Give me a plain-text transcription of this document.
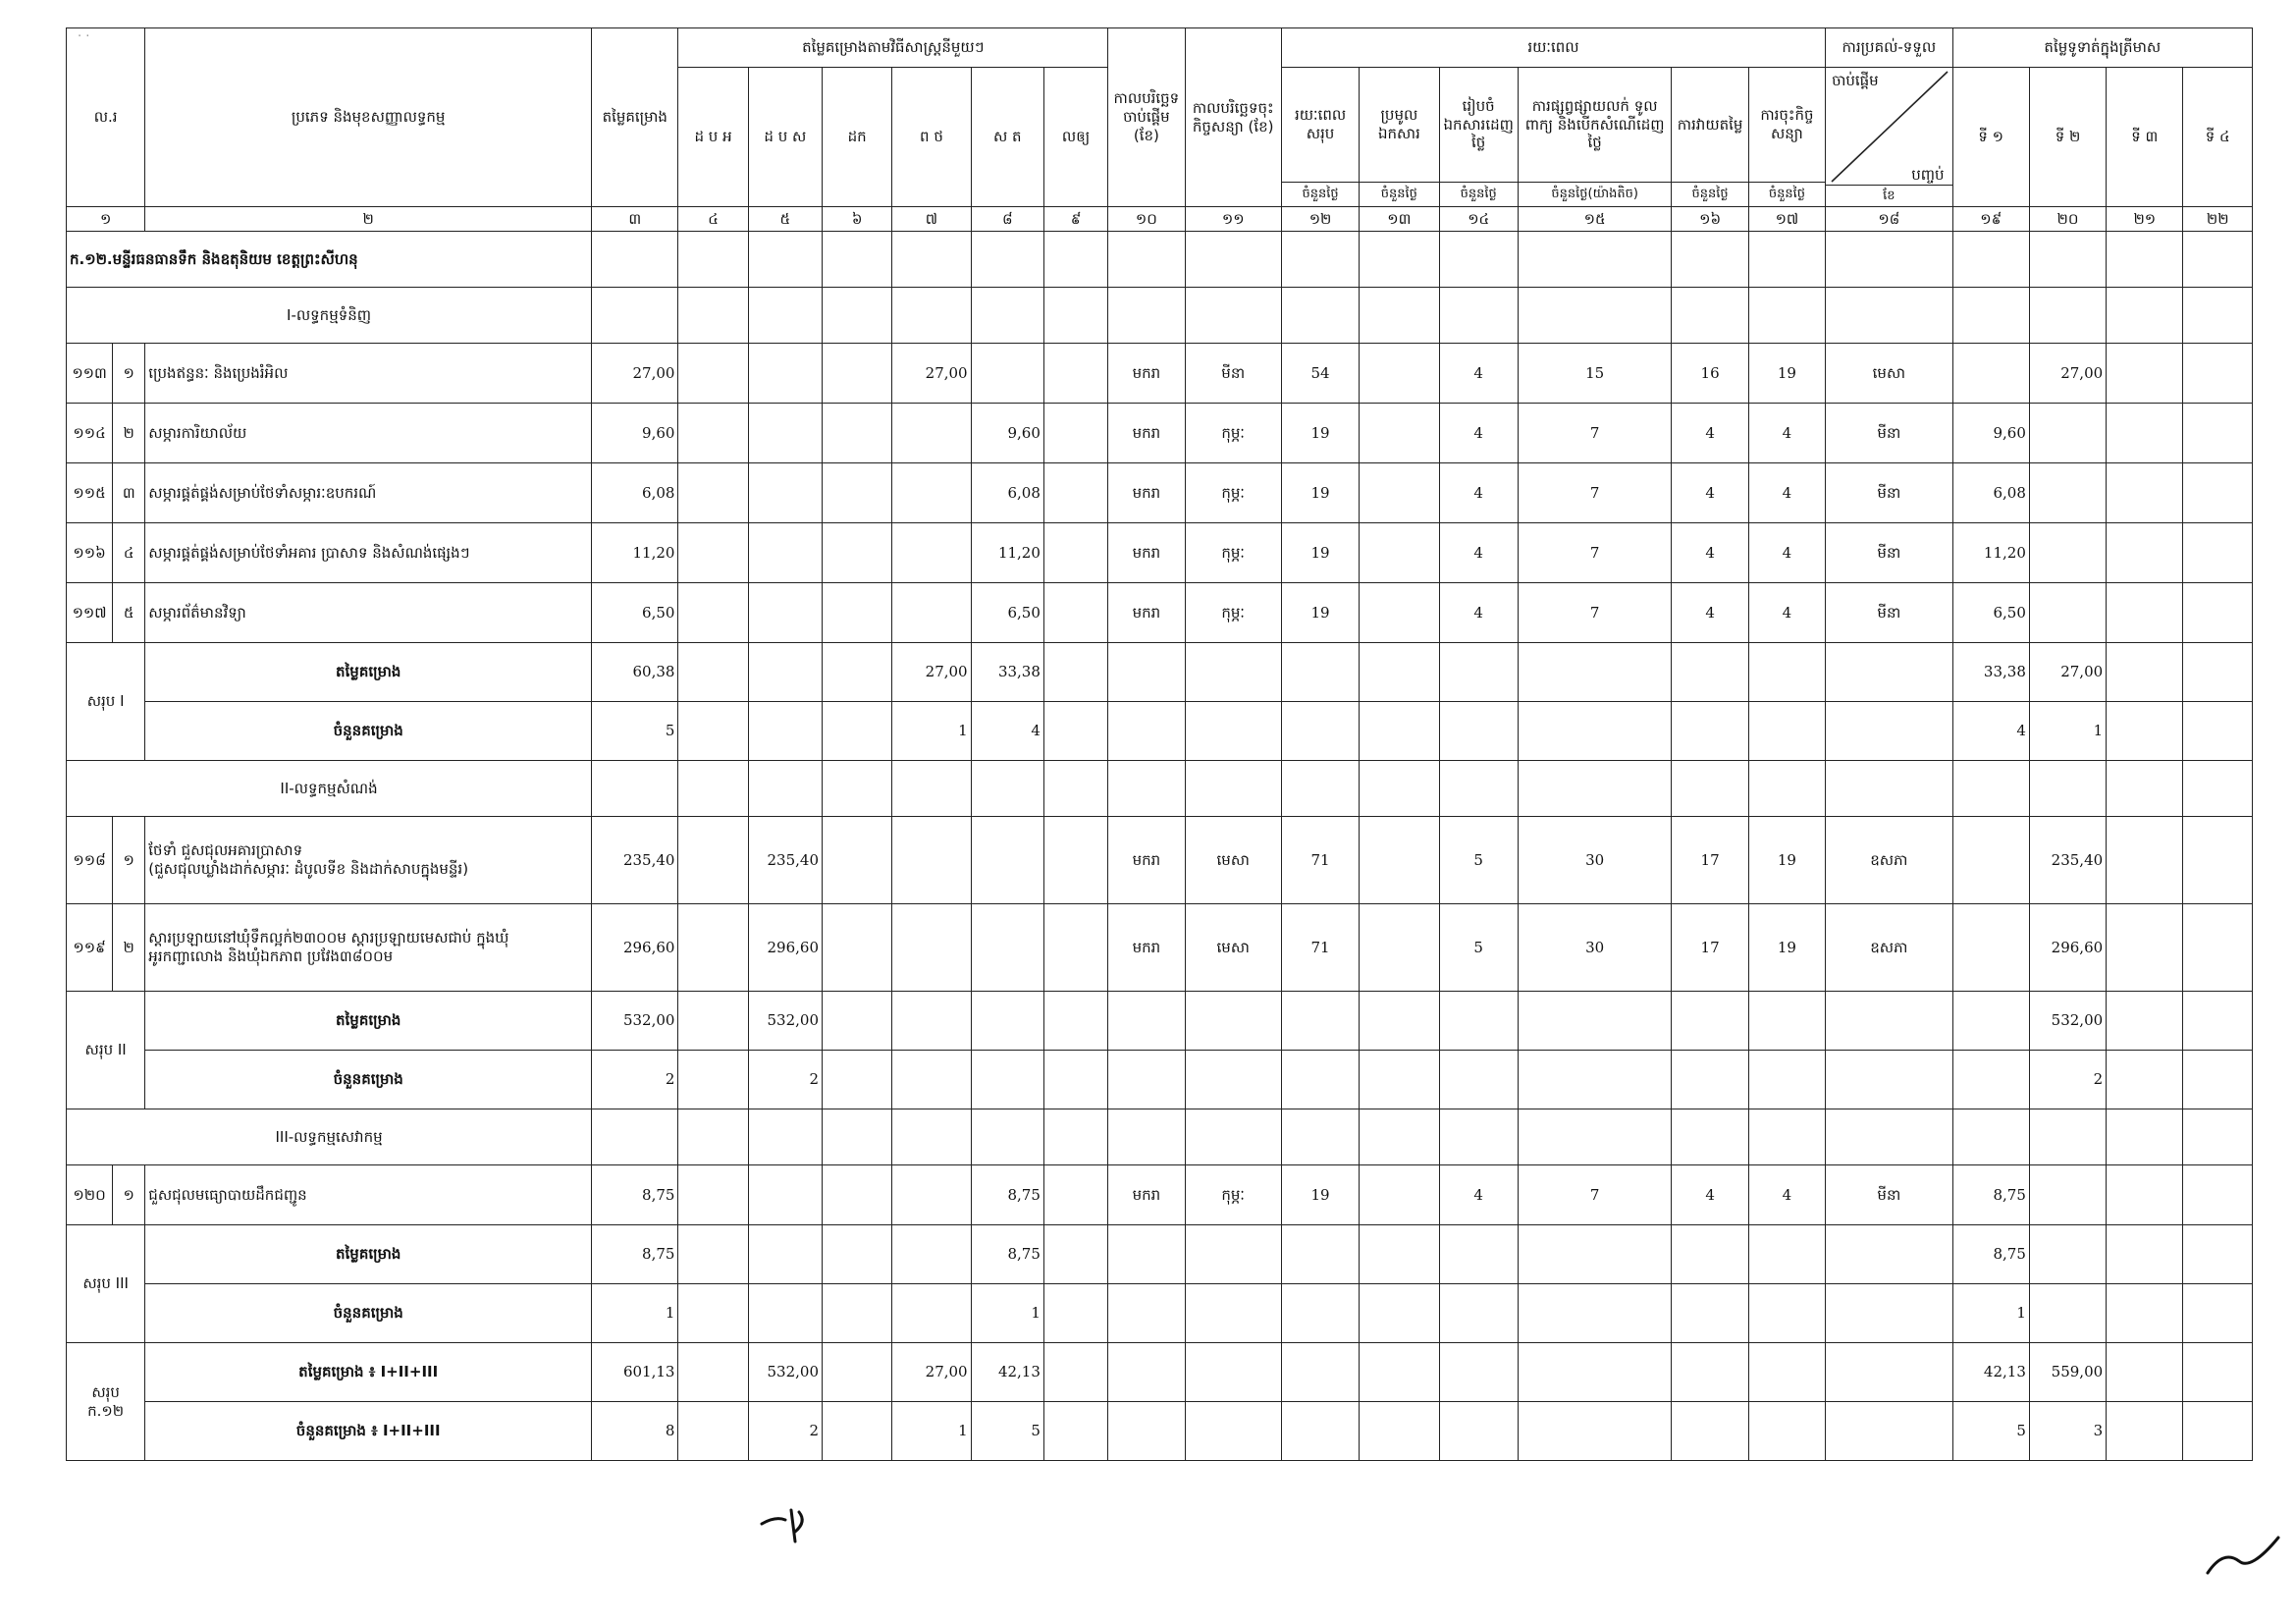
ល.រ		ប្រភេទ និងមុខសញ្ញាលទ្ធកម្ម	តម្លៃគម្រោង	តម្លៃគម្រោងតាមវិធីសាស្ត្រនីមួយៗ						កាលបរិច្ឆេទចាប់ផ្តើម (ខែ)	កាលបរិច្ឆេទចុះកិច្ចសន្យា (ខែ)	រយៈពេល						ការប្រគល់-ទទួល	តម្លៃទូទាត់ក្នុងត្រីមាស			
				ដ ប អ	ដ ប ស	ដក	ព ថ	ស ត	លឲ្យ			រយៈពេលសរុប	ប្រមូលឯកសារ	រៀបចំឯកសារដេញថ្លៃ	ការផ្សព្វផ្សាយលក់ ទូលពាក្យ និងបើកសំណើដេញថ្លៃ	ការវាយតម្លៃ	ការចុះកិច្ចសន្យា	ចាប់ផ្តើម
បញ្ចប់
ខែ	ទី ១	ទី ២	ទី ៣	ទី ៤
												ចំនួនថ្ងៃ	ចំនួនថ្ងៃ	ចំនួនថ្ងៃ	ចំនួនថ្ងៃ(យ៉ាងតិច)	ចំនួនថ្ងៃ	ចំនួនថ្ងៃ					
១		២	៣	៤	៥	៦	៧	៨	៩	១០	១១	១២	១៣	១៤	១៥	១៦	១៧	១៨	១៩	២០	២១	២២
ក.១២.មន្ទីរធនធានទឹក និងឧតុនិយម ខេត្តព្រះសីហនុ																						
I-លទ្ធកម្មទំនិញ																						
១១៣	១	ប្រេងឥន្ធនៈ និងប្រេងរំអិល	27,00				27,00			មករា	មីនា	54		4	15	16	19	មេសា		27,00		
១១៤	២	សម្ភារការិយាល័យ	9,60					9,60		មករា	កុម្ភៈ	19		4	7	4	4	មីនា	9,60			
១១៥	៣	សម្ភារផ្គត់ផ្គង់សម្រាប់ថែទាំសម្ភារៈឧបករណ៍	6,08					6,08		មករា	កុម្ភៈ	19		4	7	4	4	មីនា	6,08			
១១៦	៤	សម្ភារផ្គត់ផ្គង់សម្រាប់ថែទាំអគារ ប្រាសាទ និងសំណង់ផ្សេងៗ	11,20					11,20		មករា	កុម្ភៈ	19		4	7	4	4	មីនា	11,20			
១១៧	៥	សម្ភារព័ត៌មានវិទ្យា	6,50					6,50		មករា	កុម្ភៈ	19		4	7	4	4	មីនា	6,50			
សរុប I		តម្លៃគម្រោង	60,38				27,00	33,38											33,38	27,00		
		ចំនួនគម្រោង	5				1	4											4	1		
II-លទ្ធកម្មសំណង់																						
១១៨	១	ថែទាំ ជួសជុលអគារប្រាសាទ
(ជួសជុលឃ្លាំងដាក់សម្ភារៈ ដំបូលទីខ និងដាក់សាបក្នុងមន្ទីរ)	235,40		235,40					មករា	មេសា	71		5	30	17	19	ឧសភា		235,40		
១១៩	២	ស្តារប្រឡាយនៅឃុំទឹកល្អក់២៣០០ម ស្តារប្រឡាយមេសជាប់ ក្នុងឃុំ
អូរកញ្ជាលោង និងឃុំឯកភាព ប្រវែង៣៨០០ម	296,60		296,60					មករា	មេសា	71		5	30	17	19	ឧសភា		296,60		
សរុប II		តម្លៃគម្រោង	532,00		532,00															532,00		
		ចំនួនគម្រោង	2		2															2		
III-លទ្ធកម្មសេវាកម្ម																						
១២០	១	ជួសជុលមធ្យោបាយដឹកជញ្ជូន	8,75					8,75		មករា	កុម្ភៈ	19		4	7	4	4	មីនា	8,75			
សរុប III		តម្លៃគម្រោង	8,75					8,75											8,75			
		ចំនួនគម្រោង	1					1											1			

សរុប
ក.១២		តម្លៃគម្រោង ៖ I+II+III	601,13		532,00		27,00	42,13											42,13	559,00		
		ចំនួនគម្រោង ៖ I+II+III	8		2		1	5											5	3		
· ·
